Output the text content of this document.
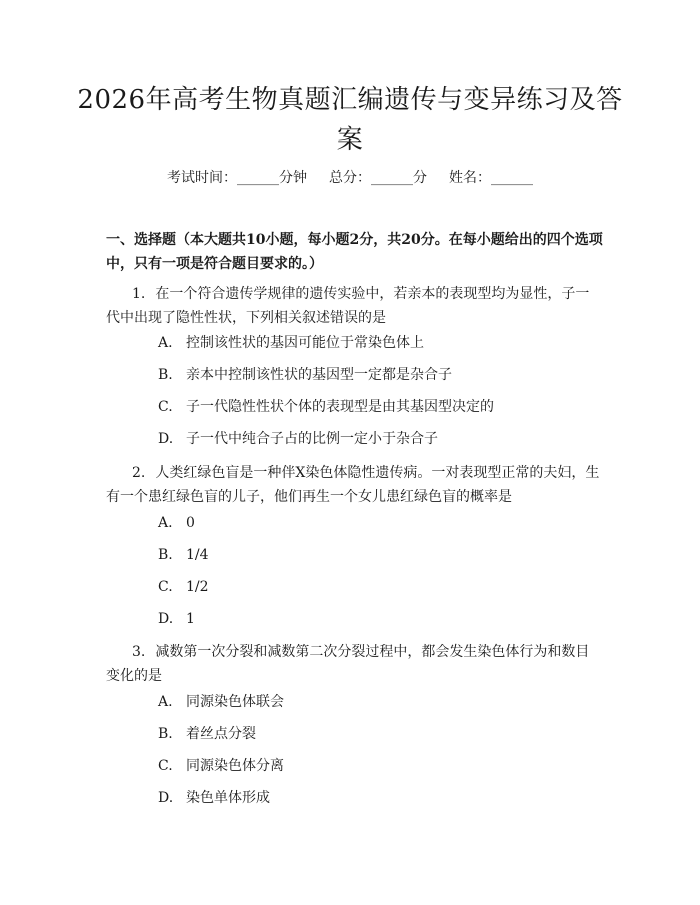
2026年高考生物真题汇编遗传与变异练习及答案
考试时间：______分钟 总分：______分 姓名：______
一、选择题（本大题共10小题，每小题2分，共20分。在每小题给出的四个选项中，只有一项是符合题目要求的。）
1. 在一个符合遗传学规律的遗传实验中，若亲本的表现型均为显性，子一代中出现了隐性性状，下列相关叙述错误的是
A. 控制该性状的基因可能位于常染色体上
B. 亲本中控制该性状的基因型一定都是杂合子
C. 子一代隐性性状个体的表现型是由其基因型决定的
D. 子一代中纯合子占的比例一定小于杂合子
2. 人类红绿色盲是一种伴X染色体隐性遗传病。一对表现型正常的夫妇，生有一个患红绿色盲的儿子，他们再生一个女儿患红绿色盲的概率是
A. 0
B. 1/4
C. 1/2
D. 1
3. 减数第一次分裂和减数第二次分裂过程中，都会发生染色体行为和数目变化的是
A. 同源染色体联会
B. 着丝点分裂
C. 同源染色体分离
D. 染色单体形成
